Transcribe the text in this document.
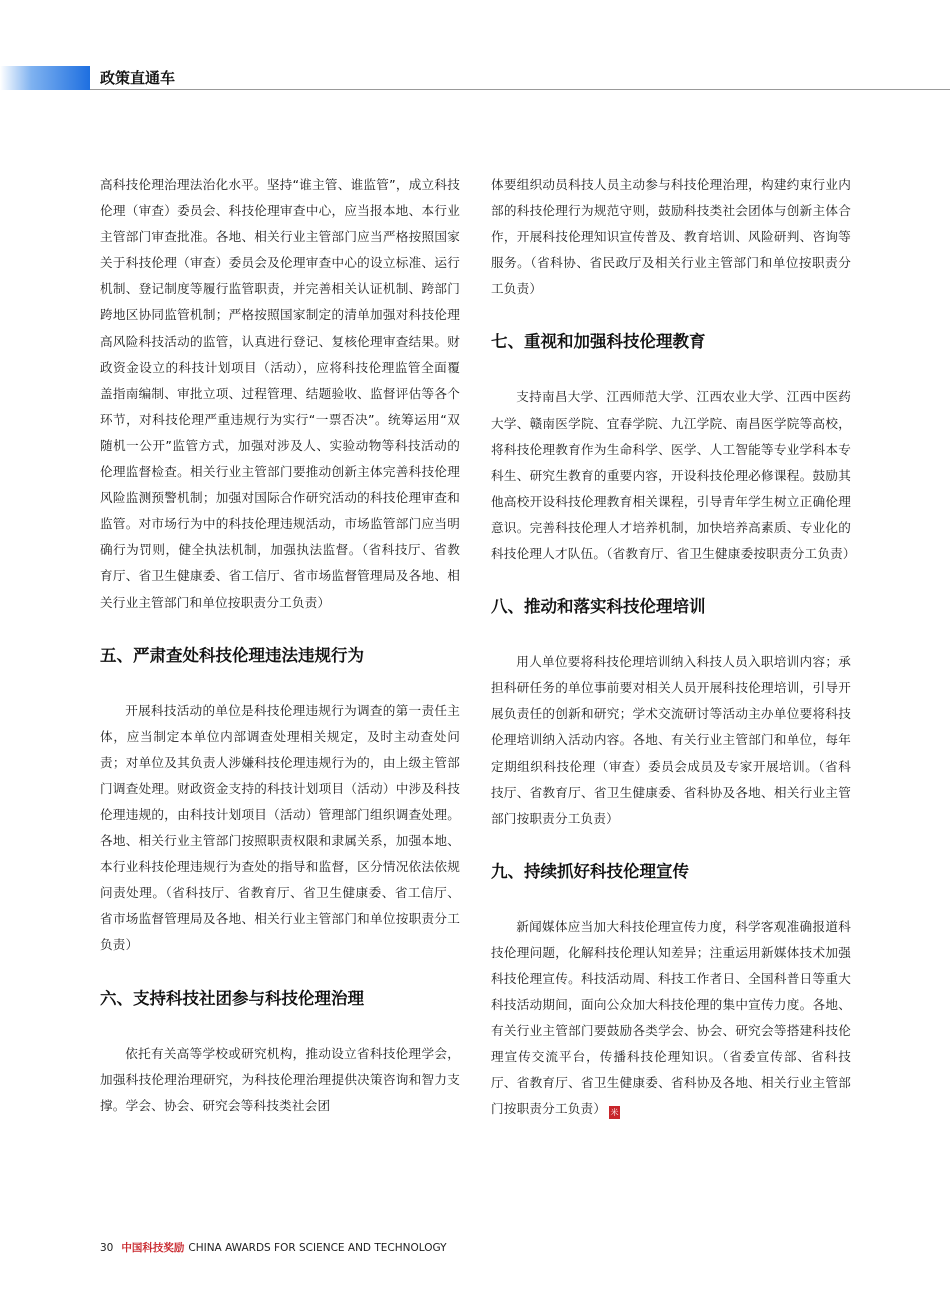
政策直通车

高科技伦理治理法治化水平。坚持“谁主管、谁监管”，成立科技伦理（审查）委员会、科技伦理审查中心，应当报本地、本行业主管部门审查批准。各地、相关行业主管部门应当严格按照国家关于科技伦理（审查）委员会及伦理审查中心的设立标准、运行机制、登记制度等履行监管职责，并完善相关认证机制、跨部门跨地区协同监管机制；严格按照国家制定的清单加强对科技伦理高风险科技活动的监管，认真进行登记、复核伦理审查结果。财政资金设立的科技计划项目（活动），应将科技伦理监管全面覆盖指南编制、审批立项、过程管理、结题验收、监督评估等各个环节，对科技伦理严重违规行为实行“一票否决”。统筹运用“双随机一公开”监管方式，加强对涉及人、实验动物等科技活动的伦理监督检查。相关行业主管部门要推动创新主体完善科技伦理风险监测预警机制；加强对国际合作研究活动的科技伦理审查和监管。对市场行为中的科技伦理违规活动，市场监管部门应当明确行为罚则，健全执法机制，加强执法监督。（省科技厅、省教育厅、省卫生健康委、省工信厅、省市场监督管理局及各地、相关行业主管部门和单位按职责分工负责）

五、严肃查处科技伦理违法违规行为

开展科技活动的单位是科技伦理违规行为调查的第一责任主体，应当制定本单位内部调查处理相关规定，及时主动查处问责；对单位及其负责人涉嫌科技伦理违规行为的，由上级主管部门调查处理。财政资金支持的科技计划项目（活动）中涉及科技伦理违规的，由科技计划项目（活动）管理部门组织调查处理。各地、相关行业主管部门按照职责权限和隶属关系，加强本地、本行业科技伦理违规行为查处的指导和监督，区分情况依法依规问责处理。（省科技厅、省教育厅、省卫生健康委、省工信厅、省市场监督管理局及各地、相关行业主管部门和单位按职责分工负责）

六、支持科技社团参与科技伦理治理

依托有关高等学校或研究机构，推动设立省科技伦理学会，加强科技伦理治理研究，为科技伦理治理提供决策咨询和智力支撑。学会、协会、研究会等科技类社会团

体要组织动员科技人员主动参与科技伦理治理，构建约束行业内部的科技伦理行为规范守则，鼓励科技类社会团体与创新主体合作，开展科技伦理知识宣传普及、教育培训、风险研判、咨询等服务。（省科协、省民政厅及相关行业主管部门和单位按职责分工负责）

七、重视和加强科技伦理教育

支持南昌大学、江西师范大学、江西农业大学、江西中医药大学、赣南医学院、宜春学院、九江学院、南昌医学院等高校，将科技伦理教育作为生命科学、医学、人工智能等专业学科本专科生、研究生教育的重要内容，开设科技伦理必修课程。鼓励其他高校开设科技伦理教育相关课程，引导青年学生树立正确伦理意识。完善科技伦理人才培养机制，加快培养高素质、专业化的科技伦理人才队伍。（省教育厅、省卫生健康委按职责分工负责）

八、推动和落实科技伦理培训

用人单位要将科技伦理培训纳入科技人员入职培训内容；承担科研任务的单位事前要对相关人员开展科技伦理培训，引导开展负责任的创新和研究；学术交流研讨等活动主办单位要将科技伦理培训纳入活动内容。各地、有关行业主管部门和单位，每年定期组织科技伦理（审查）委员会成员及专家开展培训。（省科技厅、省教育厅、省卫生健康委、省科协及各地、相关行业主管部门按职责分工负责）

九、持续抓好科技伦理宣传

新闻媒体应当加大科技伦理宣传力度，科学客观准确报道科技伦理问题，化解科技伦理认知差异；注重运用新媒体技术加强科技伦理宣传。科技活动周、科技工作者日、全国科普日等重大科技活动期间，面向公众加大科技伦理的集中宣传力度。各地、有关行业主管部门要鼓励各类学会、协会、研究会等搭建科技伦理宣传交流平台，传播科技伦理知识。（省委宣传部、省科技厅、省教育厅、省卫生健康委、省科协及各地、相关行业主管部门按职责分工负责） 米

30 中国科技奖励 CHINA AWARDS FOR SCIENCE AND TECHNOLOGY
